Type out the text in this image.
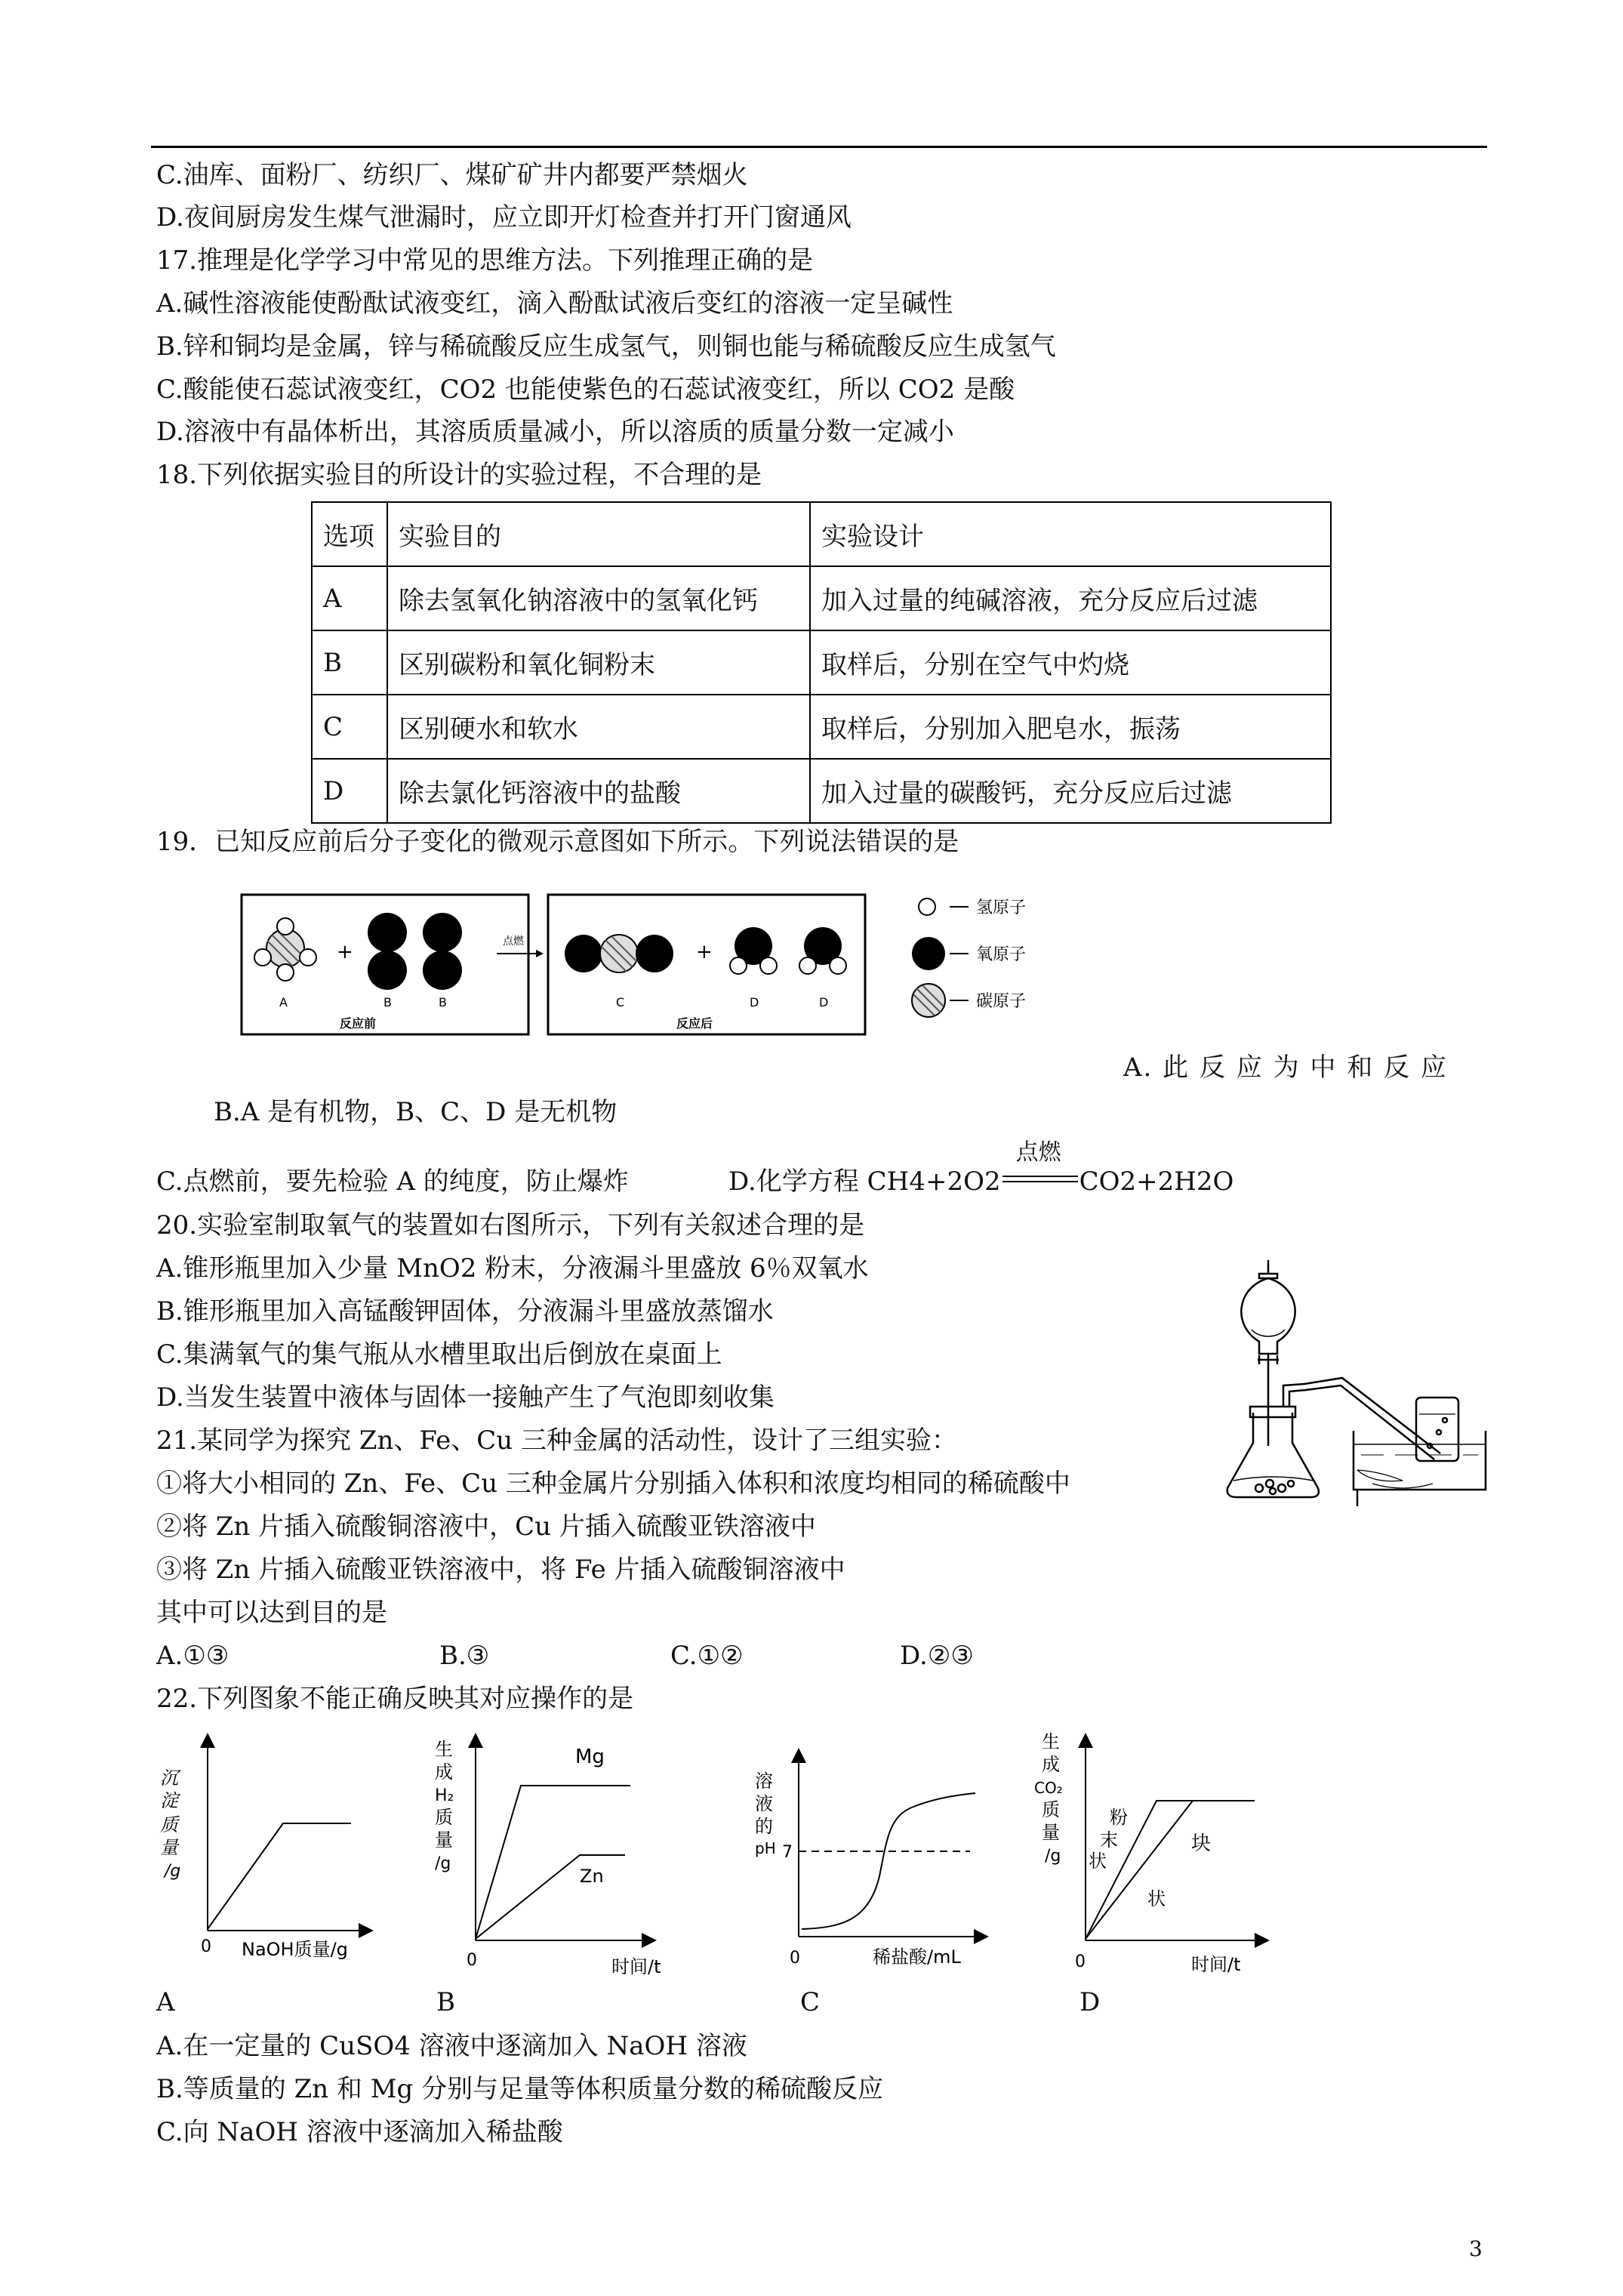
C.油库、面粉厂、纺织厂、煤矿矿井内都要严禁烟火
D.夜间厨房发生煤气泄漏时，应立即开灯检查并打开门窗通风
17.推理是化学学习中常见的思维方法。下列推理正确的是
A.碱性溶液能使酚酞试液变红，滴入酚酞试液后变红的溶液一定呈碱性
B.锌和铜均是金属，锌与稀硫酸反应生成氢气，则铜也能与稀硫酸反应生成氢气
C.酸能使石蕊试液变红，CO2 也能使紫色的石蕊试液变红，所以 CO2 是酸
D.溶液中有晶体析出，其溶质质量减小，所以溶质的质量分数一定减小
18.下列依据实验目的所设计的实验过程，不合理的是
选项	实验目的	实验设计
A	除去氢氧化钠溶液中的氢氧化钙	加入过量的纯碱溶液，充分反应后过滤
B	区别碳粉和氧化铜粉末	取样后，分别在空气中灼烧
C	区别硬水和软水	取样后，分别加入肥皂水，振荡
D	除去氯化钙溶液中的盐酸	加入过量的碳酸钙，充分反应后过滤
19．已知反应前后分子变化的微观示意图如下所示。下列说法错误的是
+
A	B	B
反应前
点燃	+
C	D	D
反应后
氢原子
氧原子
碳原子
A. 此 反 应 为 中 和 反 应
B.A 是有机物，B、C、D 是无机物
C.点燃前，要先检验 A 的纯度，防止爆炸	D.化学方程 CH4+2O2
点燃
CO2+2H2O
20.实验室制取氧气的装置如右图所示，下列有关叙述合理的是
A.锥形瓶里加入少量 MnO2 粉末，分液漏斗里盛放 6％双氧水
B.锥形瓶里加入高锰酸钾固体，分液漏斗里盛放蒸馏水
C.集满氧气的集气瓶从水槽里取出后倒放在桌面上
D.当发生装置中液体与固体一接触产生了气泡即刻收集
21.某同学为探究 Zn、Fe、Cu 三种金属的活动性，设计了三组实验：
①将大小相同的 Zn、Fe、Cu 三种金属片分别插入体积和浓度均相同的稀硫酸中
②将 Zn 片插入硫酸铜溶液中，Cu 片插入硫酸亚铁溶液中
③将 Zn 片插入硫酸亚铁溶液中，将 Fe 片插入硫酸铜溶液中
其中可以达到目的是
A.①③	B.③	C.①②	D.②③
22.下列图象不能正确反映其对应操作的是
沉
淀
质
量
/g
0 NaOH质量/g
生
成
H₂
质
量
/g
Mg
Zn
0	时间/t
溶
液
的
pH 7
0	稀盐酸/mL
生
成
CO₂
质
量
/g
粉
末
状
块
状
0	时间/t
A	B	C	D
A.在一定量的 CuSO4 溶液中逐滴加入 NaOH 溶液
B.等质量的 Zn 和 Mg 分别与足量等体积质量分数的稀硫酸反应
C.向 NaOH 溶液中逐滴加入稀盐酸
3
